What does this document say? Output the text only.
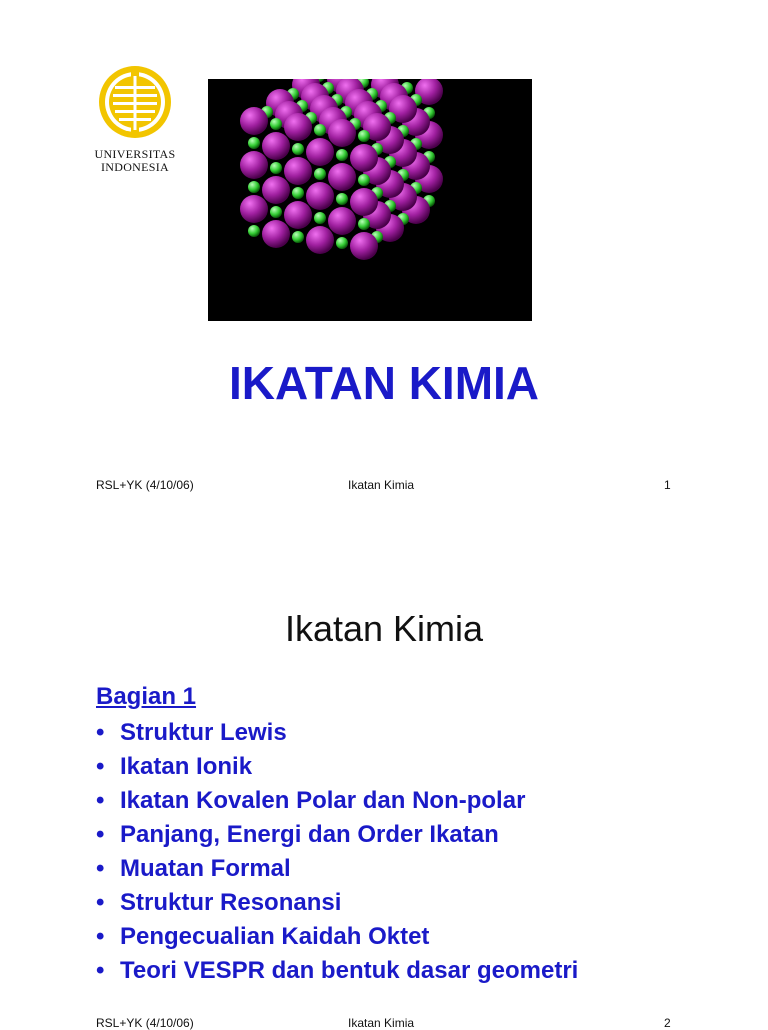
UNIVERSITAS
INDONESIA
IKATAN KIMIA
RSL+YK (4/10/06)	Ikatan Kimia	1
Ikatan Kimia
Bagian 1
• Struktur Lewis
• Ikatan Ionik
• Ikatan Kovalen Polar dan Non-polar
• Panjang, Energi dan Order Ikatan
• Muatan Formal
• Struktur Resonansi
• Pengecualian Kaidah Oktet
• Teori VESPR dan bentuk dasar geometri
RSL+YK (4/10/06)	Ikatan Kimia	2
